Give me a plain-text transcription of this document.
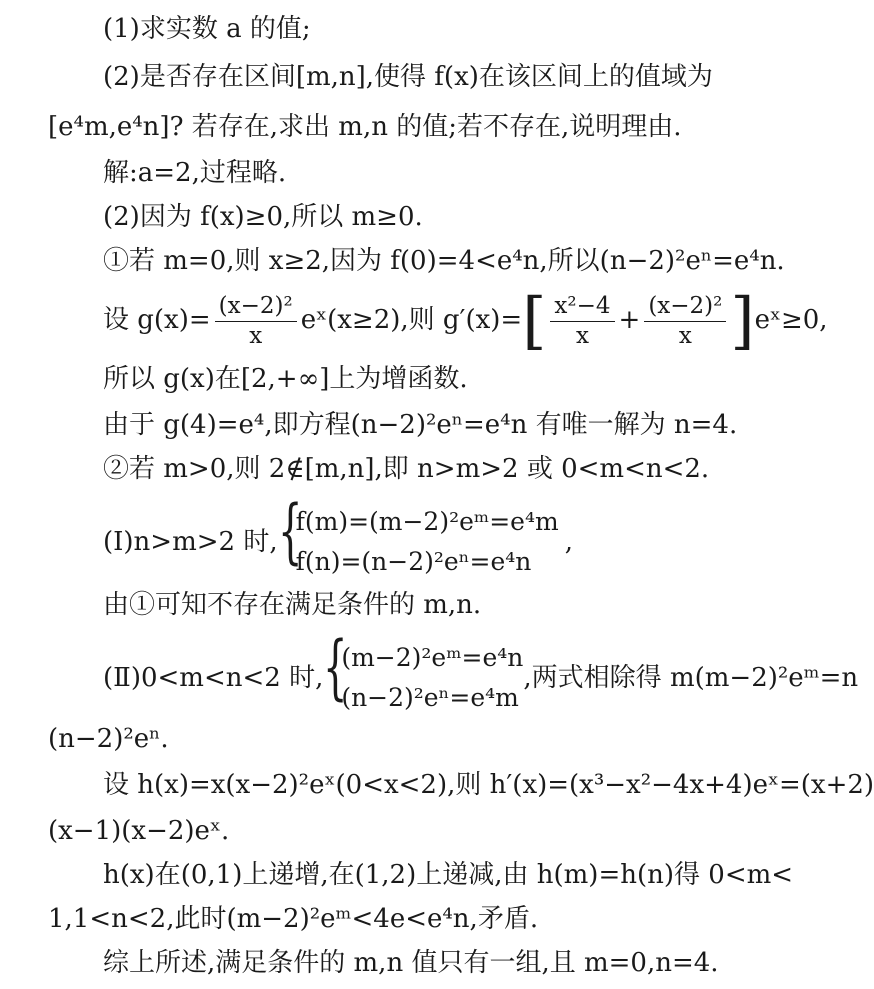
(1)求实数 a 的值;
(2)是否存在区间[m,n],使得 f(x)在该区间上的值域为
[e⁴m,e⁴n]? 若存在,求出 m,n 的值;若不存在,说明理由.
解:a=2,过程略.
(2)因为 f(x)≥0,所以 m≥0.
①若 m=0,则 x≥2,因为 f(0)=4<e⁴n,所以(n−2)²eⁿ=e⁴n.
设 $g(x)= \frac{\text{(x−2)²}}{x}$ eˣ(x≥2),则 $g'(x)=[ \frac{\text{x²−4}}{x} + \frac{\text{(x−2)²}}{x}$ ]eˣ≥0,
所以 g(x)在[2,+∞]上为增函数.
由于 g(4)=e⁴,即方程(n−2)²eⁿ=e⁴n 有唯一解为 n=4.
②若 m>0,则 2∉[m,n],即 n>m>2 或 0<m<n<2.
(Ⅰ)n>m>2 时, {
f(m)=(m−2)²eᵐ=e⁴m
f(n)=(n−2)²eⁿ=e⁴n
,
由①可知不存在满足条件的 m,n.
(Ⅱ)0<m<n<2 时, {
(m−2)²eᵐ=e⁴n
(n−2)²eⁿ=e⁴m
,两式相除得 m(m−2)²eᵐ=n
(n−2)²eⁿ.
设 h(x)=x(x−2)²eˣ(0<x<2),则 h′(x)=(x³−x²−4x+4)eˣ=(x+2)
(x−1)(x−2)eˣ.
h(x)在(0,1)上递增,在(1,2)上递减,由 h(m)=h(n)得 0<m<
1,1<n<2,此时(m−2)²eᵐ<4e<e⁴n,矛盾.
综上所述,满足条件的 m,n 值只有一组,且 m=0,n=4.
